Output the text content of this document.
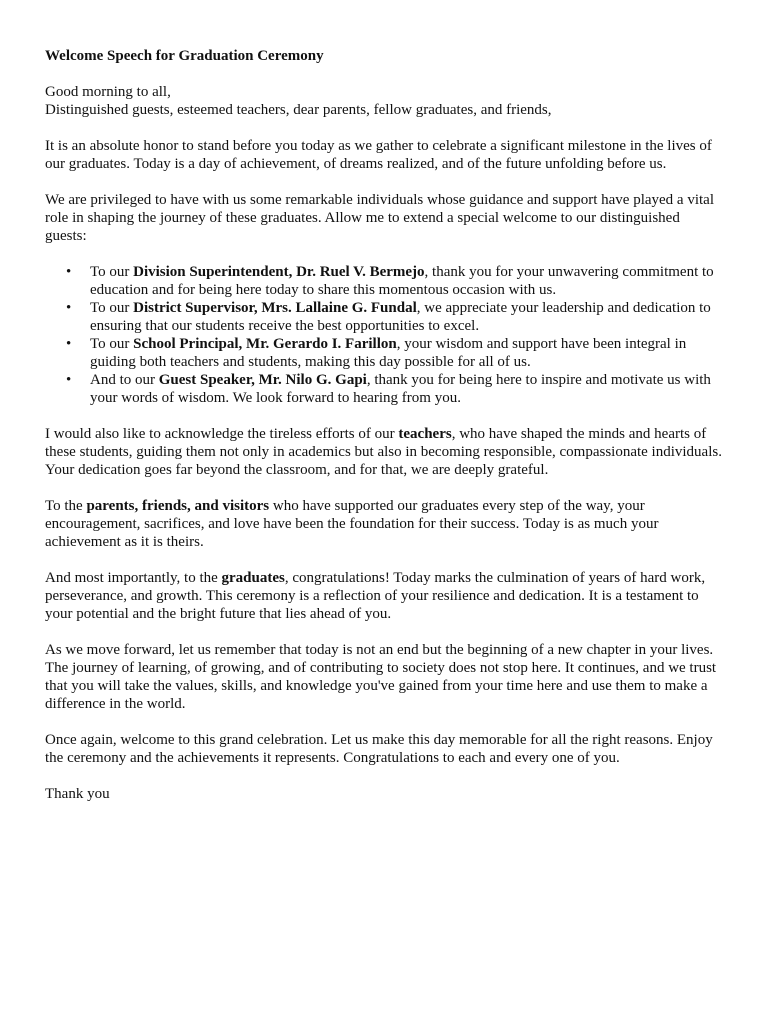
Welcome Speech for Graduation Ceremony

Good morning to all,

Distinguished guests, esteemed teachers, dear parents, fellow graduates, and friends,

It is an absolute honor to stand before you today as we gather to celebrate a significant milestone in the lives of our graduates. Today is a day of achievement, of dreams realized, and of the future unfolding before us.

We are privileged to have with us some remarkable individuals whose guidance and support have played a vital role in shaping the journey of these graduates. Allow me to extend a special welcome to our distinguished guests:

• To our Division Superintendent, Dr. Ruel V. Bermejo, thank you for your unwavering commitment to education and for being here today to share this momentous occasion with us.
• To our District Supervisor, Mrs. Lallaine G. Fundal, we appreciate your leadership and dedication to ensuring that our students receive the best opportunities to excel.
• To our School Principal, Mr. Gerardo I. Farillon, your wisdom and support have been integral in guiding both teachers and students, making this day possible for all of us.
• And to our Guest Speaker, Mr. Nilo G. Gapi, thank you for being here to inspire and motivate us with your words of wisdom. We look forward to hearing from you.

I would also like to acknowledge the tireless efforts of our teachers, who have shaped the minds and hearts of these students, guiding them not only in academics but also in becoming responsible, compassionate individuals. Your dedication goes far beyond the classroom, and for that, we are deeply grateful.

To the parents, friends, and visitors who have supported our graduates every step of the way, your encouragement, sacrifices, and love have been the foundation for their success. Today is as much your achievement as it is theirs.

And most importantly, to the graduates, congratulations! Today marks the culmination of years of hard work, perseverance, and growth. This ceremony is a reflection of your resilience and dedication. It is a testament to your potential and the bright future that lies ahead of you.

As we move forward, let us remember that today is not an end but the beginning of a new chapter in your lives. The journey of learning, of growing, and of contributing to society does not stop here. It continues, and we trust that you will take the values, skills, and knowledge you've gained from your time here and use them to make a difference in the world.

Once again, welcome to this grand celebration. Let us make this day memorable for all the right reasons. Enjoy the ceremony and the achievements it represents. Congratulations to each and every one of you.

Thank you
